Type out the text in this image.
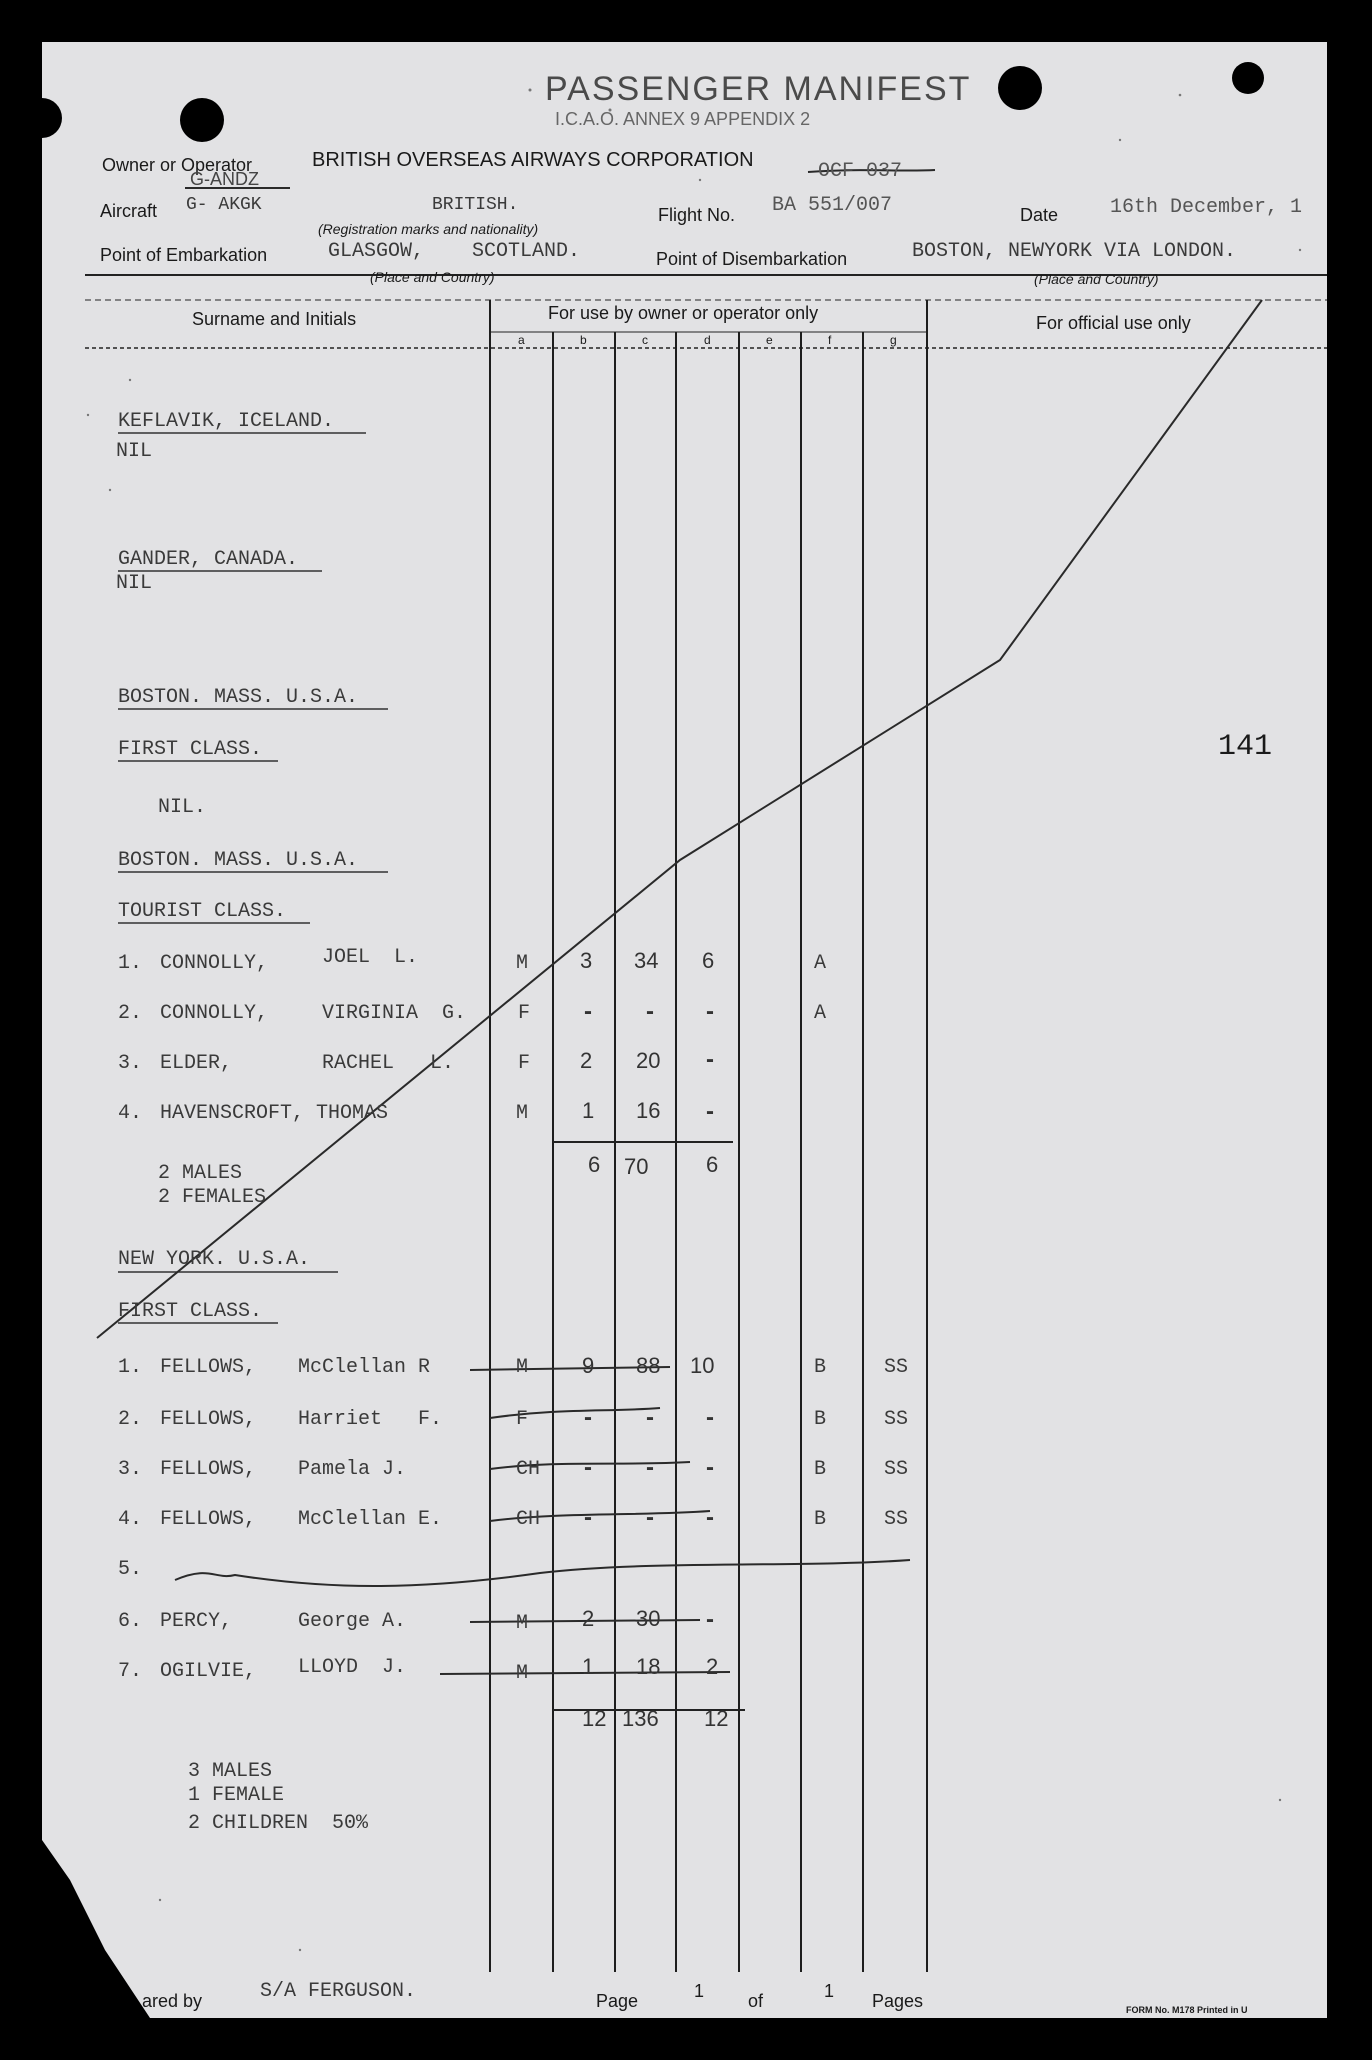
PASSENGER MANIFEST
I.C.A.O. ANNEX 9 APPENDIX 2
Owner or Operator
G-ANDZ
BRITISH OVERSEAS AIRWAYS CORPORATION	OCF 037
Aircraft G- AKGK	BRITISH.
(Registration marks and nationality)
Flight No. BA 551/007	Date	16th December, 1
Point of Embarkation	GLASGOW,    SCOTLAND.
(Place and Country)
Point of Disembarkation	BOSTON, NEWYORK VIA LONDON.
(Place and Country)
Surname and Initials	For use by owner or operator only	For official use only
a	b	c	d	e	f	g
KEFLAVIK, ICELAND.
NIL
GANDER, CANADA.
NIL
BOSTON. MASS. U.S.A.
FIRST CLASS.
NIL.
BOSTON. MASS. U.S.A.
TOURIST CLASS.
1. CONNOLLY,	JOEL  L.	M 3 34 6	A
2. CONNOLLY,	VIRGINIA  G.	F - - -	A
3. ELDER,	RACHEL   L.	F 2 20 -
4. HAVENSCROFT, THOMAS	M 1 16 -
6 70	6
2 MALES
2 FEMALES
NEW YORK. U.S.A.
FIRST CLASS.
1. FELLOWS, McClellan R	M 9 88 10	B	SS
2. FELLOWS, Harriet   F.	F - - -	B	SS
3. FELLOWS, Pamela J.	CH - - -	B	SS
4. FELLOWS, McClellan E.	CH - - -	B	SS
5.
6. PERCY,	George A.	M 2 30 -
7. OGILVIE, LLOYD  J.	M 1 18 2
12 136 12
3 MALES
1 FEMALE
2 CHILDREN  50%
141
ared by	S/A FERGUSON.	Page	1 of	1 Pages	FORM No. M178 Printed in U
